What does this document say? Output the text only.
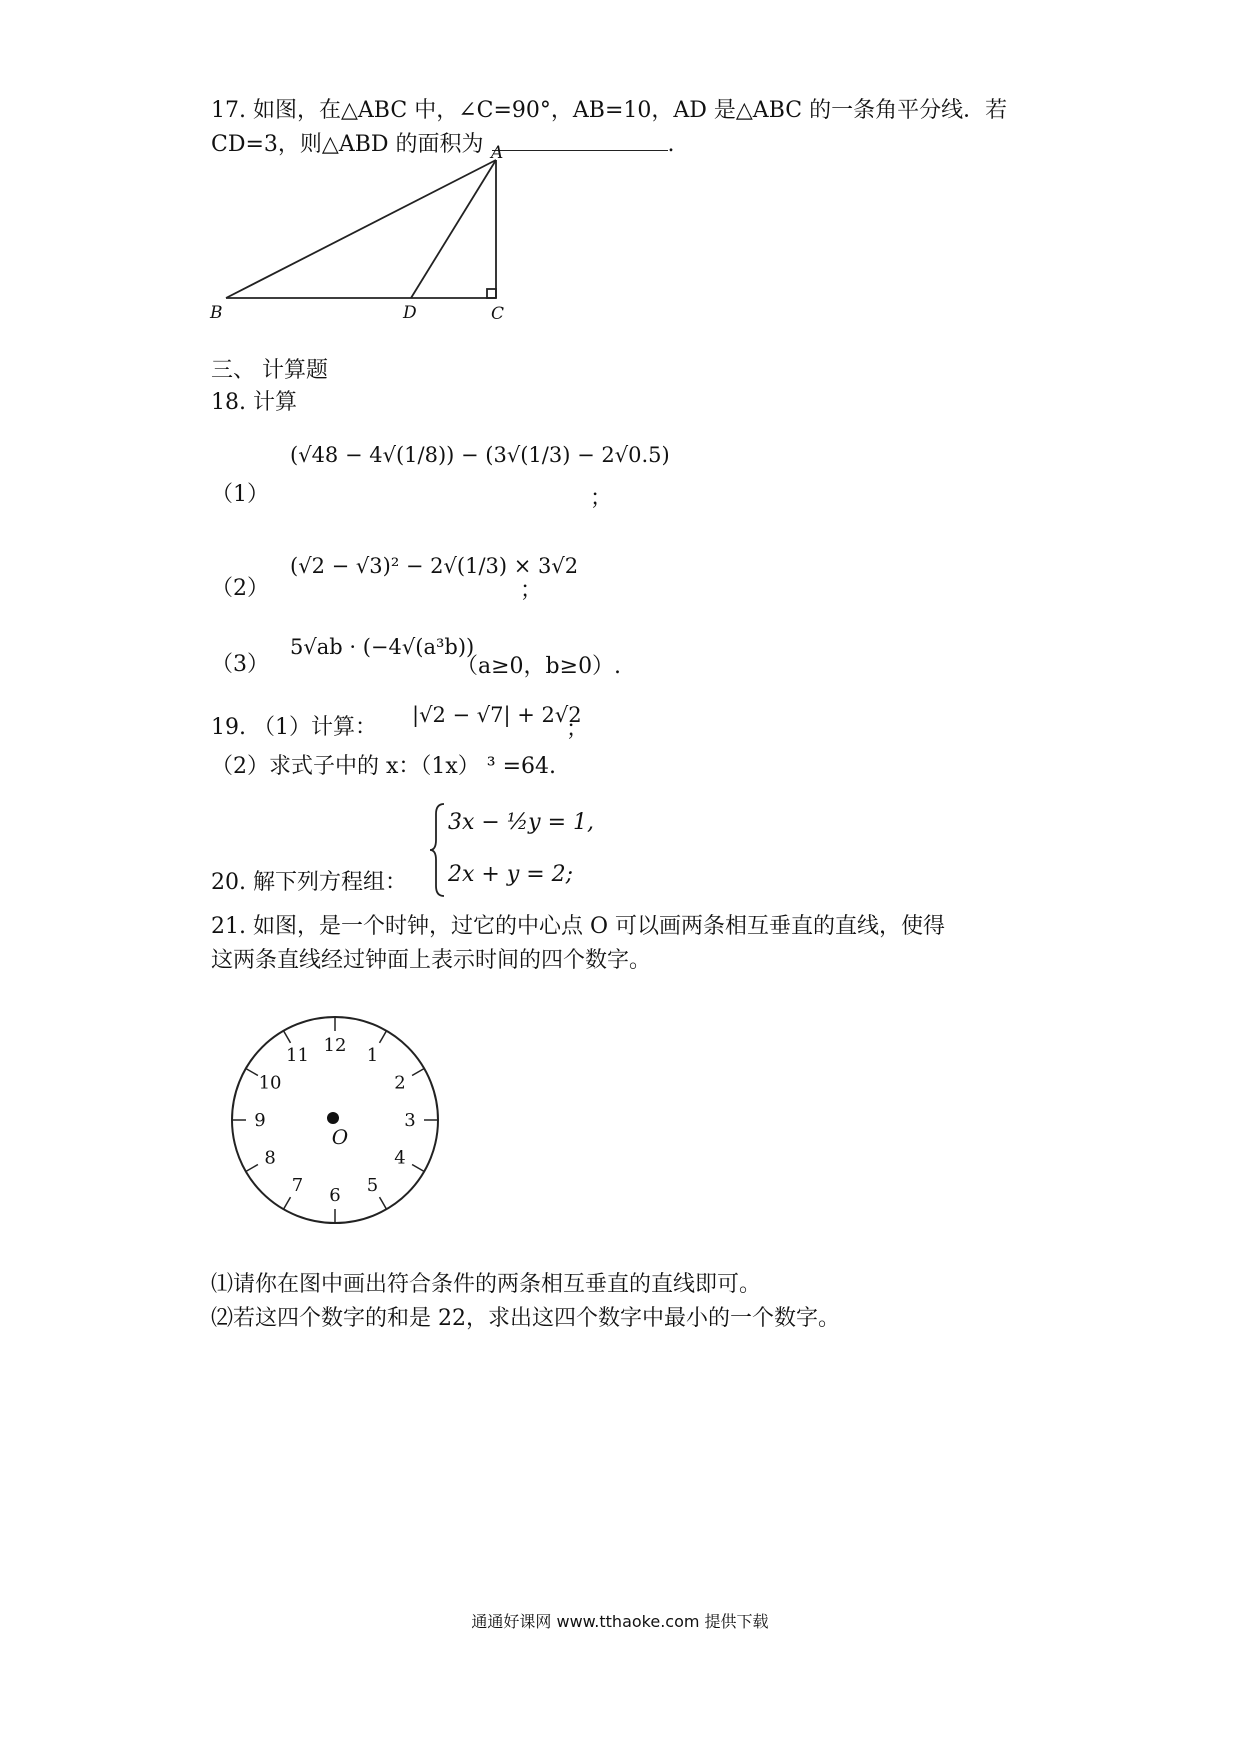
17. 如图，在△ABC 中，∠C=90°，AB=10，AD 是△ABC 的一条角平分线．若
CD=3，则△ABD 的面积为	.
A
B	C
D
三、 计算题
18. 计算
（1）
(√48 − 4√(1/8)) − (3√(1/3) − 2√0.5)
；
（2）
(√2 − √3)² − 2√(1/3) × 3√2
；
（3）
5√ab · (−4√(a³b))
（a≥0，b≥0）.
19. （1）计算： |√2 − √7| + 2√2
；
（2）求式子中的 x：（1x） ³ =64.
20. 解下列方程组：
3x − ½y = 1,
2x + y = 2;
21. 如图，是一个时钟，过它的中心点 O 可以画两条相互垂直的直线，使得
这两条直线经过钟面上表示时间的四个数字。
12 1
2
3
4
5
6
7
8
9
10
11
O
⑴请你在图中画出符合条件的两条相互垂直的直线即可。
⑵若这四个数字的和是 22，求出这四个数字中最小的一个数字。
通通好课网 www.tthaoke.com 提供下载
